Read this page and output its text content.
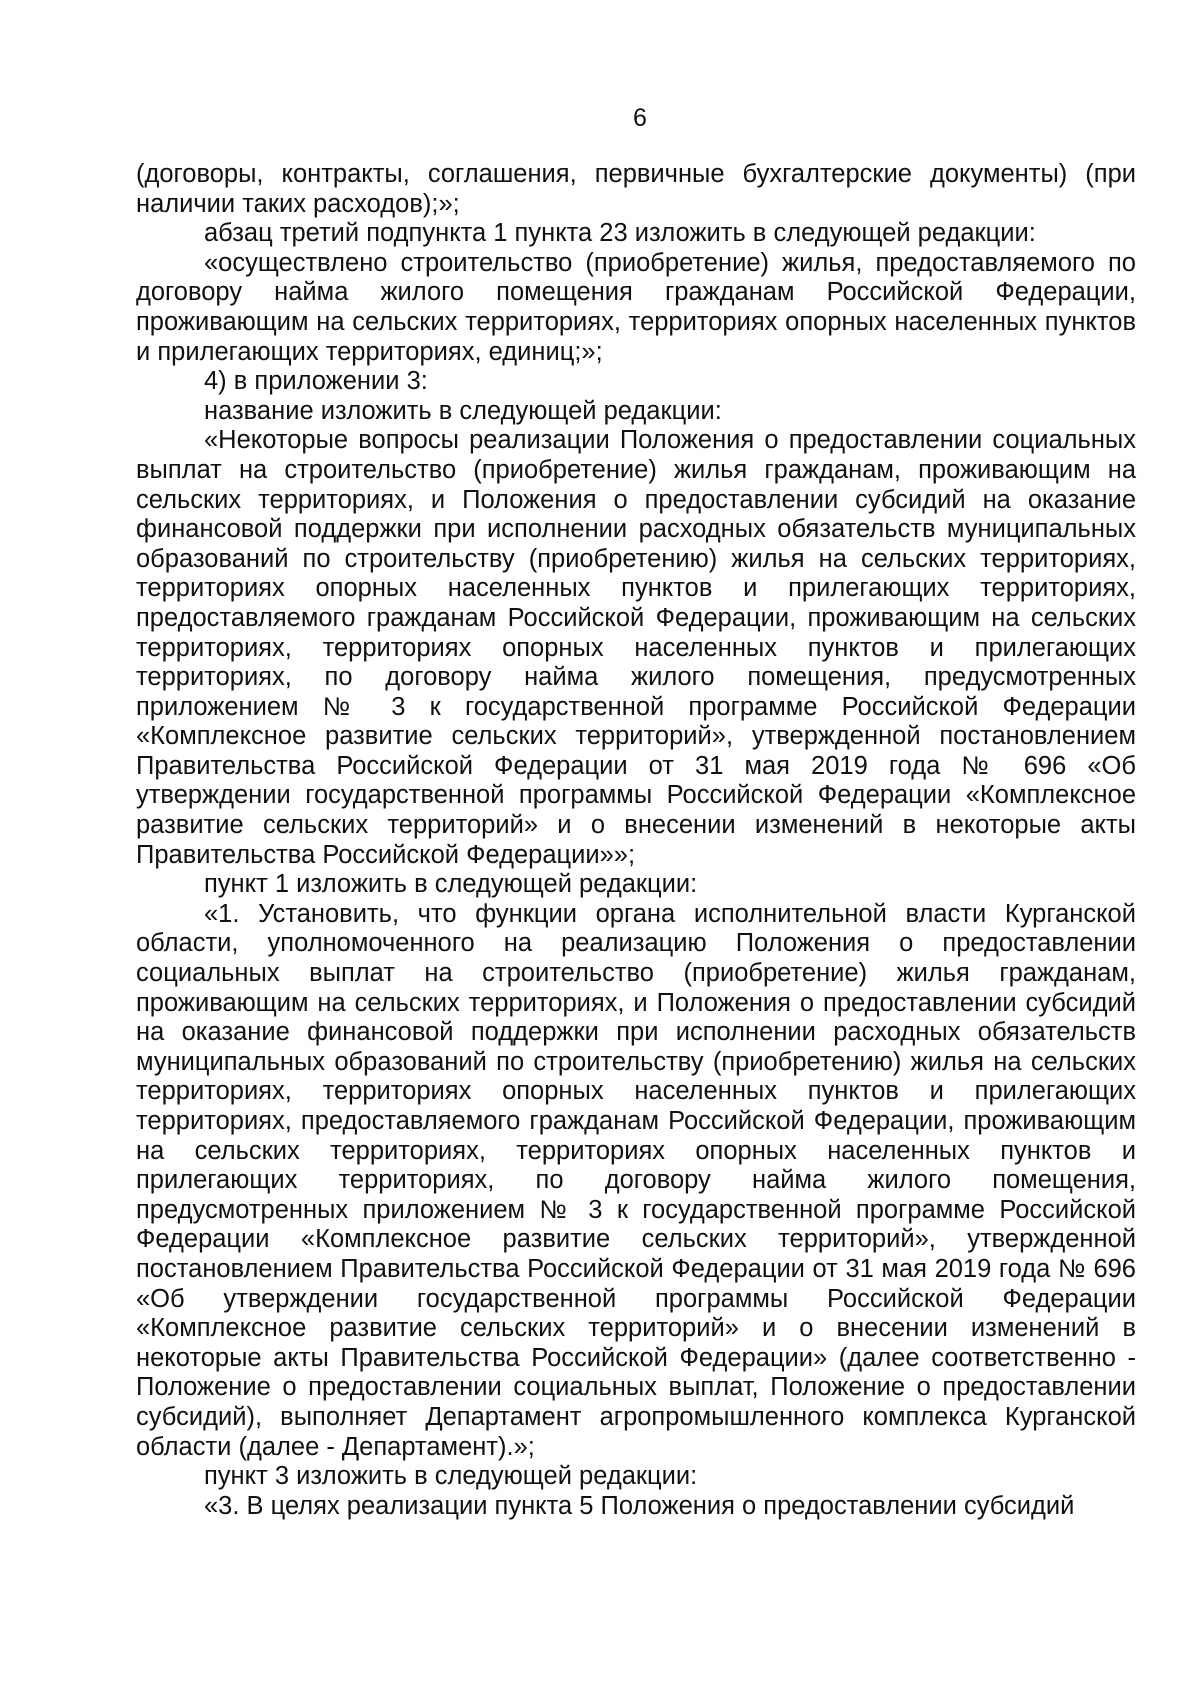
6

(договоры, контракты, соглашения, первичные бухгалтерские документы) (при наличии таких расходов);»;

абзац третий подпункта 1 пункта 23 изложить в следующей редакции:

«осуществлено строительство (приобретение) жилья, предоставляемого по договору найма жилого помещения гражданам Российской Федерации, проживающим на сельских территориях, территориях опорных населенных пунктов и прилегающих территориях, единиц;»;

4) в приложении 3:

название изложить в следующей редакции:

«Некоторые вопросы реализации Положения о предоставлении социальных выплат на строительство (приобретение) жилья гражданам, проживающим на сельских территориях, и Положения о предоставлении субсидий на оказание финансовой поддержки при исполнении расходных обязательств муниципальных образований по строительству (приобретению) жилья на сельских территориях, территориях опорных населенных пунктов и прилегающих территориях, предоставляемого гражданам Российской Федерации, проживающим на сельских территориях, территориях опорных населенных пунктов и прилегающих территориях, по договору найма жилого помещения, предусмотренных приложением № 3 к государственной программе Российской Федерации «Комплексное развитие сельских территорий», утвержденной постановлением Правительства Российской Федерации от 31 мая 2019 года № 696 «Об утверждении государственной программы Российской Федерации «Комплексное развитие сельских территорий» и о внесении изменений в некоторые акты Правительства Российской Федерации»»;

пункт 1 изложить в следующей редакции:

«1. Установить, что функции органа исполнительной власти Курганской области, уполномоченного на реализацию Положения о предоставлении социальных выплат на строительство (приобретение) жилья гражданам, проживающим на сельских территориях, и Положения о предоставлении субсидий на оказание финансовой поддержки при исполнении расходных обязательств муниципальных образований по строительству (приобретению) жилья на сельских территориях, территориях опорных населенных пунктов и прилегающих территориях, предоставляемого гражданам Российской Федерации, проживающим на сельских территориях, территориях опорных населенных пунктов и прилегающих территориях, по договору найма жилого помещения, предусмотренных приложением № 3 к государственной программе Российской Федерации «Комплексное развитие сельских территорий», утвержденной постановлением Правительства Российской Федерации от 31 мая 2019 года № 696 «Об утверждении государственной программы Российской Федерации «Комплексное развитие сельских территорий» и о внесении изменений в некоторые акты Правительства Российской Федерации» (далее соответственно - Положение о предоставлении социальных выплат, Положение о предоставлении субсидий), выполняет Департамент агропромышленного комплекса Курганской области (далее - Департамент).»;

пункт 3 изложить в следующей редакции:

«3. В целях реализации пункта 5 Положения о предоставлении субсидий
